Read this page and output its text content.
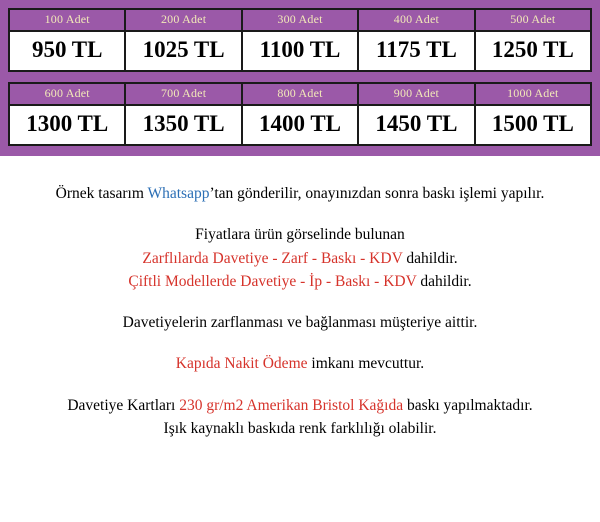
100 Adet
950 TL
200 Adet
1025 TL
300 Adet
1100 TL
400 Adet
1175 TL
500 Adet
1250 TL
600 Adet
1300 TL
700 Adet
1350 TL
800 Adet
1400 TL
900 Adet
1450 TL
1000 Adet
1500 TL
Örnek tasarım Whatsapp’tan gönderilir, onayınızdan sonra baskı işlemi yapılır.
Fiyatlara ürün görselinde bulunan
Zarflılarda Davetiye - Zarf - Baskı - KDV dahildir.
Çiftli Modellerde Davetiye - İp - Baskı - KDV dahildir.
Davetiyelerin zarflanması ve bağlanması müşteriye aittir.
Kapıda Nakit Ödeme imkanı mevcuttur.
Davetiye Kartları 230 gr/m2 Amerikan Bristol Kağıda baskı yapılmaktadır.
Işık kaynaklı baskıda renk farklılığı olabilir.
